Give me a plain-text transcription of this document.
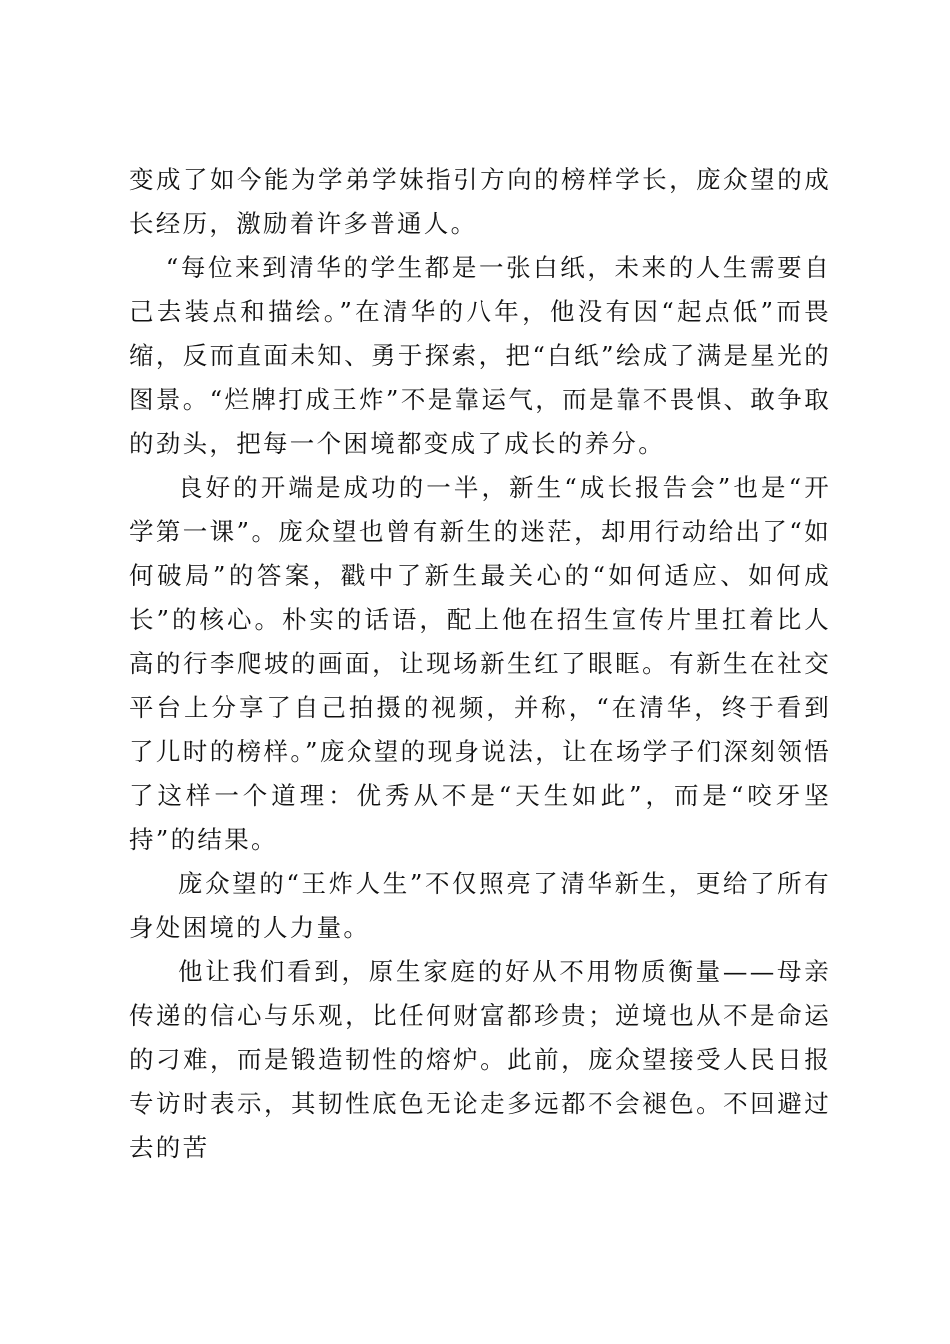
变成了如今能为学弟学妹指引方向的榜样学长，庞众望的成长经历，激励着许多普通人。

“每位来到清华的学生都是一张白纸，未来的人生需要自己去装点和描绘。”在清华的八年，他没有因“起点低”而畏缩，反而直面未知、勇于探索，把“白纸”绘成了满是星光的图景。“烂牌打成王炸”不是靠运气，而是靠不畏惧、敢争取的劲头，把每一个困境都变成了成长的养分。

良好的开端是成功的一半，新生“成长报告会”也是“开学第一课”。庞众望也曾有新生的迷茫，却用行动给出了“如何破局”的答案，戳中了新生最关心的“如何适应、如何成长”的核心。朴实的话语，配上他在招生宣传片里扛着比人高的行李爬坡的画面，让现场新生红了眼眶。有新生在社交平台上分享了自己拍摄的视频，并称，“在清华，终于看到了儿时的榜样。”庞众望的现身说法，让在场学子们深刻领悟了这样一个道理：优秀从不是“天生如此”，而是“咬牙坚持”的结果。

庞众望的“王炸人生”不仅照亮了清华新生，更给了所有身处困境的人力量。

他让我们看到，原生家庭的好从不用物质衡量——母亲传递的信心与乐观，比任何财富都珍贵；逆境也从不是命运的刁难，而是锻造韧性的熔炉。此前，庞众望接受人民日报专访时表示，其韧性底色无论走多远都不会褪色。不回避过去的苦
